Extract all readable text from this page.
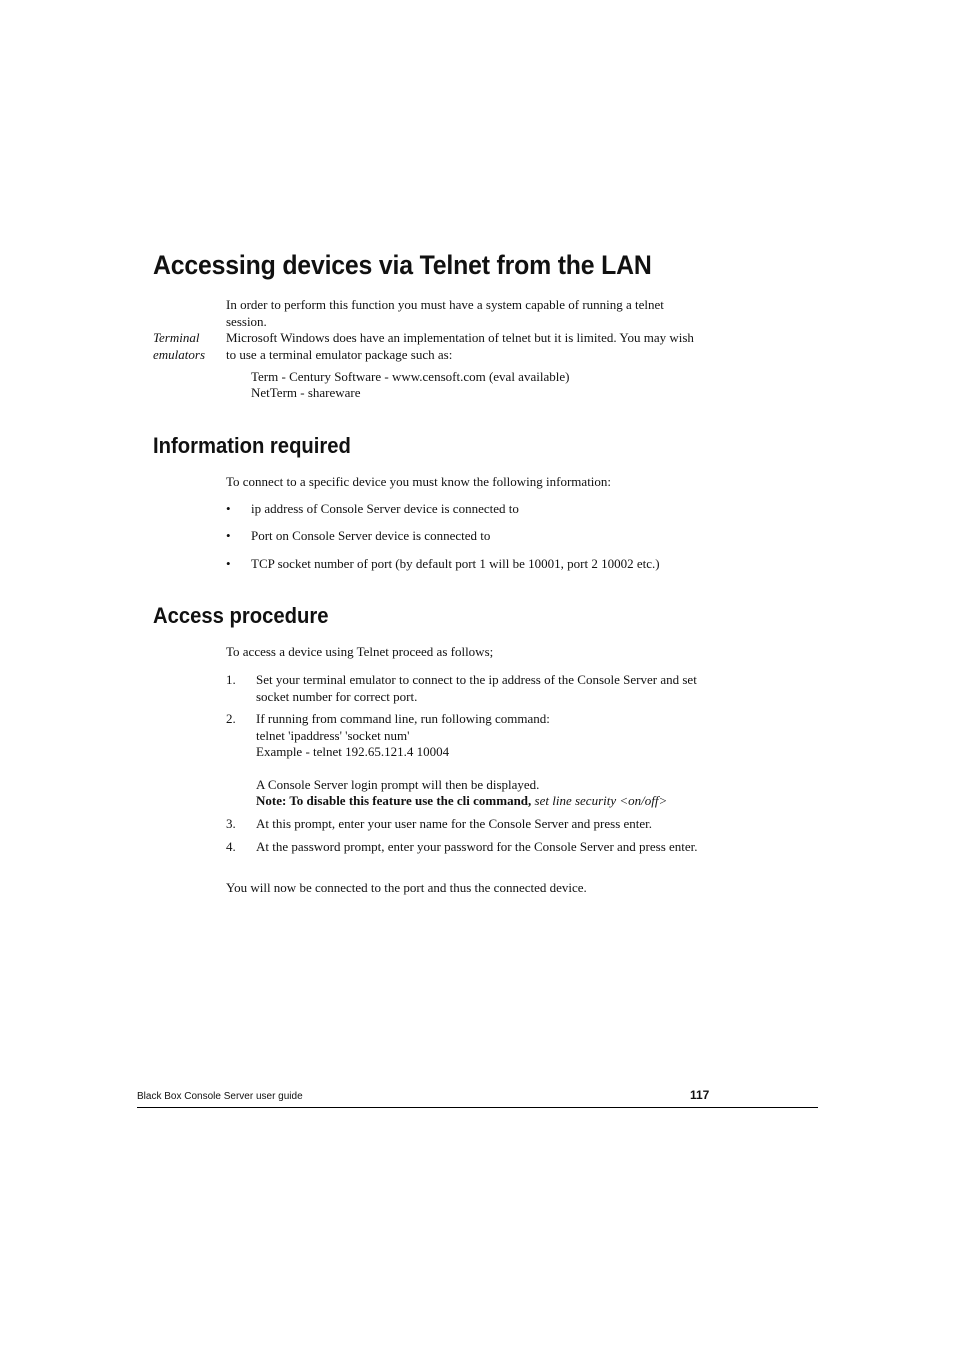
Accessing devices via Telnet from the LAN

In order to perform this function you must have a system capable of running a telnet session.

Terminal
emulators

Microsoft Windows does have an implementation of telnet but it is limited. You may wish to use a terminal emulator package such as:

Term - Century Software - www.censoft.com (eval available)
NetTerm - shareware
Information required

To connect to a specific device you must know the following information:

• ip address of Console Server device is connected to
• Port on Console Server device is connected to
• TCP socket number of port (by default port 1 will be 10001, port 2 10002 etc.)
Access procedure

To access a device using Telnet proceed as follows;

1. Set your terminal emulator to connect to the ip address of the Console Server and set socket number for correct port.

2. If running from command line, run following command:
telnet 'ipaddress' 'socket num'
Example - telnet 192.65.121.4 10004
A Console Server login prompt will then be displayed.
Note: To disable this feature use the cli command, set line security <on/off>
3. At this prompt, enter your user name for the Console Server and press enter.

4. At the password prompt, enter your password for the Console Server and press enter.

You will now be connected to the port and thus the connected device.

Black Box Console Server user guide	117
